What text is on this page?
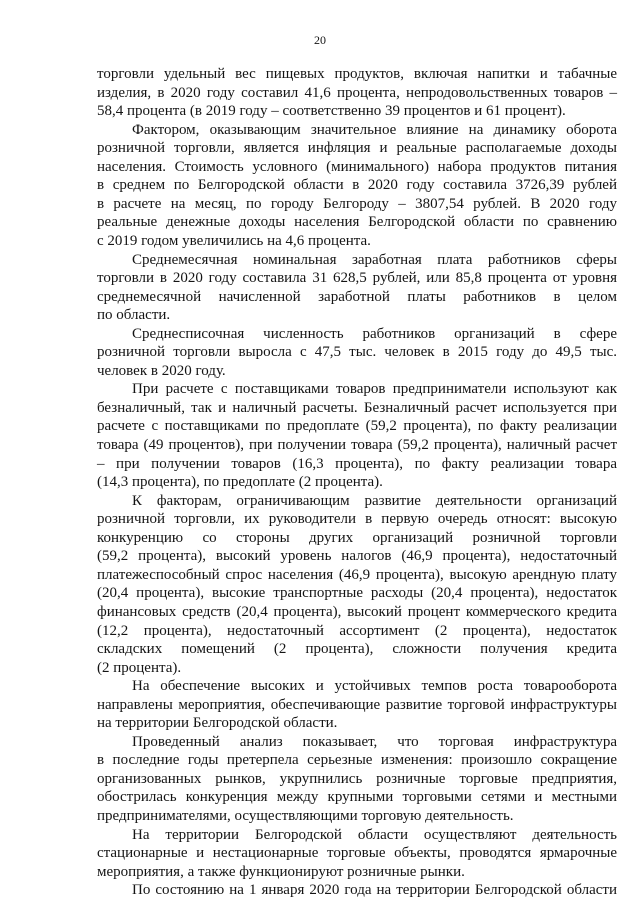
20
торговли удельный вес пищевых продуктов, включая напитки и табачные
изделия, в 2020 году составил 41,6 процента, непродовольственных товаров –
58,4 процента (в 2019 году – соответственно 39 процентов и 61 процент).
Фактором, оказывающим значительное влияние на динамику оборота
розничной торговли, является инфляция и реальные располагаемые доходы
населения. Стоимость условного (минимального) набора продуктов питания
в среднем по Белгородской области в 2020 году составила 3726,39 рублей
в расчете на месяц, по городу Белгороду – 3807,54 рублей. В 2020 году
реальные денежные доходы населения Белгородской области по сравнению
с 2019 годом увеличились на 4,6 процента.
Среднемесячная номинальная заработная плата работников сферы
торговли в 2020 году составила 31 628,5 рублей, или 85,8 процента от уровня
среднемесячной начисленной заработной платы работников в целом
по области.
Среднесписочная численность работников организаций в сфере
розничной торговли выросла с 47,5 тыс. человек в 2015 году до 49,5 тыс.
человек в 2020 году.
При расчете с поставщиками товаров предприниматели используют как
безналичный, так и наличный расчеты. Безналичный расчет используется при
расчете с поставщиками по предоплате (59,2 процента), по факту реализации
товара (49 процентов), при получении товара (59,2 процента), наличный расчет
– при получении товаров (16,3 процента), по факту реализации товара
(14,3 процента), по предоплате (2 процента).
К факторам, ограничивающим развитие деятельности организаций
розничной торговли, их руководители в первую очередь относят: высокую
конкуренцию со стороны других организаций розничной торговли
(59,2 процента), высокий уровень налогов (46,9 процента), недостаточный
платежеспособный спрос населения (46,9 процента), высокую арендную плату
(20,4 процента), высокие транспортные расходы (20,4 процента), недостаток
финансовых средств (20,4 процента), высокий процент коммерческого кредита
(12,2 процента), недостаточный ассортимент (2 процента), недостаток
складских помещений (2 процента), сложности получения кредита
(2 процента).
На обеспечение высоких и устойчивых темпов роста товарооборота
направлены мероприятия, обеспечивающие развитие торговой инфраструктуры
на территории Белгородской области.
Проведенный анализ показывает, что торговая инфраструктура
в последние годы претерпела серьезные изменения: произошло сокращение
организованных рынков, укрупнились розничные торговые предприятия,
обострилась конкуренция между крупными торговыми сетями и местными
предпринимателями, осуществляющими торговую деятельность.
На территории Белгородской области осуществляют деятельность
стационарные и нестационарные торговые объекты, проводятся ярмарочные
мероприятия, а также функционируют розничные рынки.
По состоянию на 1 января 2020 года на территории Белгородской области
